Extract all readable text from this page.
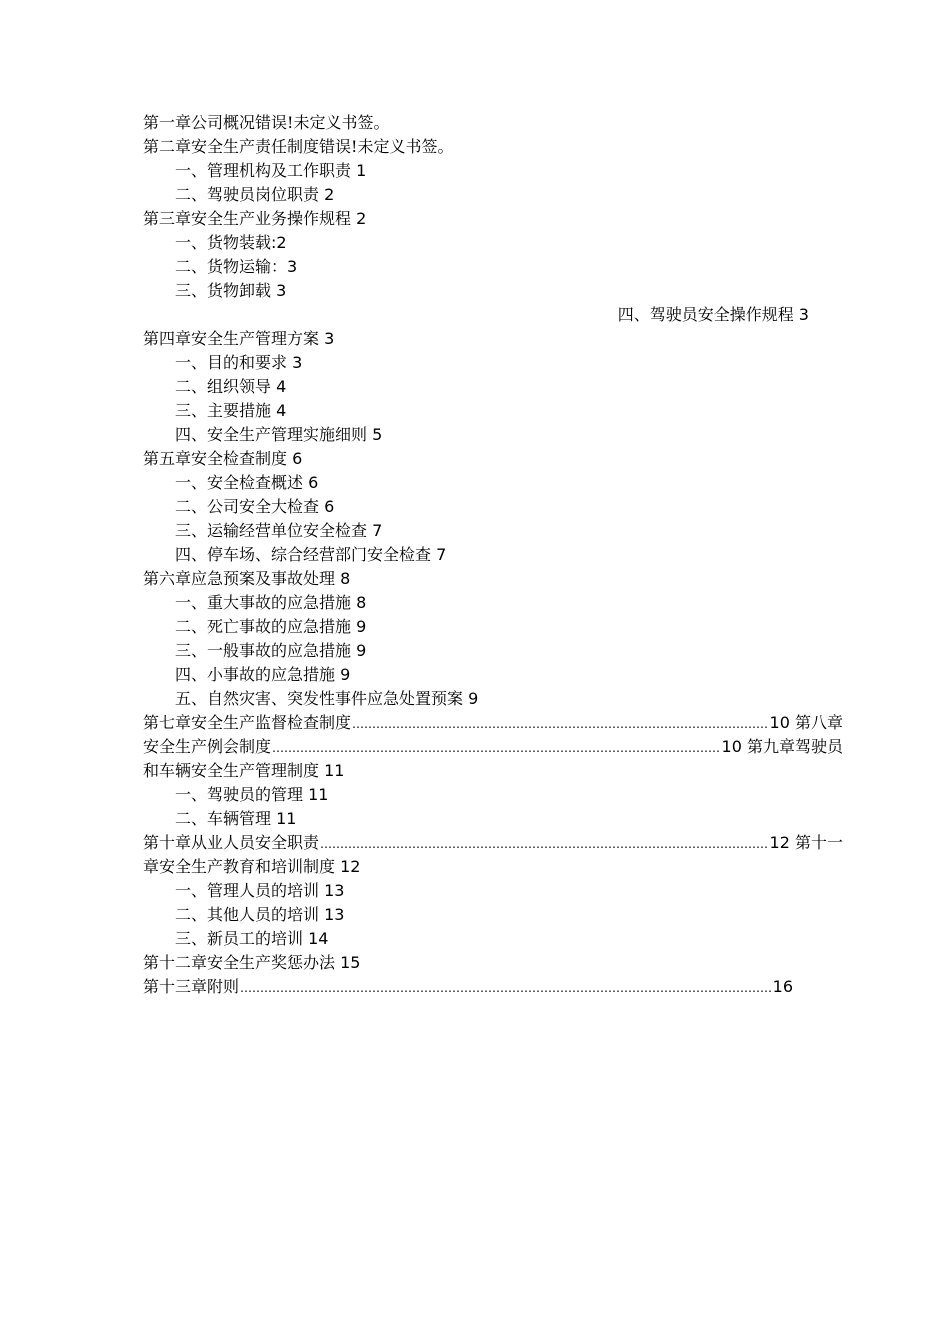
第一章公司概况错误!未定义书签。
第二章安全生产责任制度错误!未定义书签。
一、管理机构及工作职责 1
二、驾驶员岗位职责 2
第三章安全生产业务操作规程 2
一、货物装载:2
二、货物运输：3
三、货物卸载 3
四、驾驶员安全操作规程 3
第四章安全生产管理方案 3
一、目的和要求 3
二、组织领导 4
三、主要措施 4
四、安全生产管理实施细则 5
第五章安全检查制度 6
一、安全检查概述 6
二、公司安全大检查 6
三、运输经营单位安全检查 7
四、停车场、综合经营部门安全检查 7
第六章应急预案及事故处理 8
一、重大事故的应急措施 8
二、死亡事故的应急措施 9
三、一般事故的应急措施 9
四、小事故的应急措施 9
五、自然灾害、突发性事件应急处置预案 9
第七章安全生产监督检查制度 ……………………………………………………………………………………………………………………………………………………………………………………	10 第八章
安全生产例会制度 ……………………………………………………………………………………………………………………………………………………………………………………	10 第九章驾驶员
和车辆安全生产管理制度 11
一、驾驶员的管理 11
二、车辆管理 11
第十章从业人员安全职责 ……………………………………………………………………………………………………………………………………………………………………………………	12 第十一
章安全生产教育和培训制度 12
一、管理人员的培训 13
二、其他人员的培训 13
三、新员工的培训 14
第十二章安全生产奖惩办法 15
第十三章附则 ……………………………………………………………………………………………………………………………………………………………………………………	16
